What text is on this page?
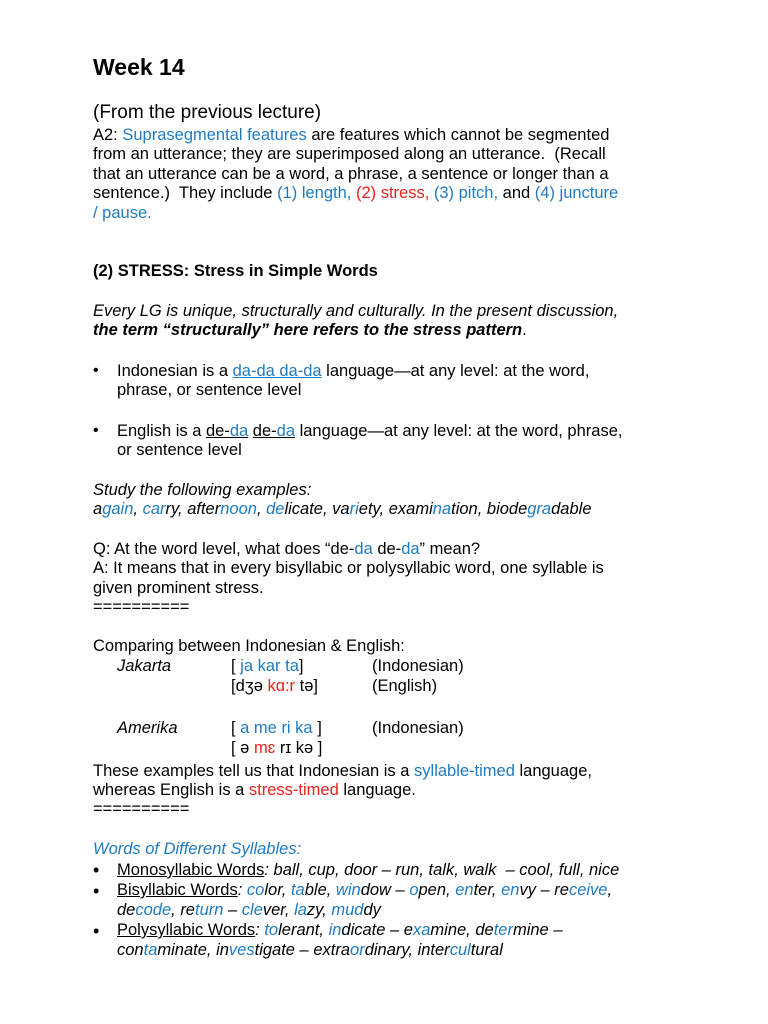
Week 14
(From the previous lecture)
A2: Suprasegmental features are features which cannot be segmented
from an utterance; they are superimposed along an utterance.  (Recall
that an utterance can be a word, a phrase, a sentence or longer than a
sentence.)  They include (1) length, (2) stress, (3) pitch, and (4) juncture
/ pause.
(2) STRESS: Stress in Simple Words
Every LG is unique, structurally and culturally. In the present discussion,
the term “structurally” here refers to the stress pattern.
• Indonesian is a da-da da-da language—at any level: at the word,
phrase, or sentence level
• English is a de-da de-da language—at any level: at the word, phrase,
or sentence level
Study the following examples:
again, carry, afternoon, delicate, variety, examination, biodegradable
Q: At the word level, what does “de-da de-da” mean?
A: It means that in every bisyllabic or polysyllabic word, one syllable is
given prominent stress.
==========
Comparing between Indonesian & English:
Jakarta	[ ja kar ta]	(Indonesian)
[dʒə kɑ:r tə]	(English)
Amerika	[ a me ri ka ]	(Indonesian)
[ ə mɛ rɪ kə ]
These examples tell us that Indonesian is a syllable-timed language,
whereas English is a stress-timed language.
==========
Words of Different Syllables:
• Monosyllabic Words: ball, cup, door – run, talk, walk  – cool, full, nice
• Bisyllabic Words: color, table, window – open, enter, envy – receive,
decode, return – clever, lazy, muddy
• Polysyllabic Words: tolerant, indicate – examine, determine –
contaminate, investigate – extraordinary, intercultural
